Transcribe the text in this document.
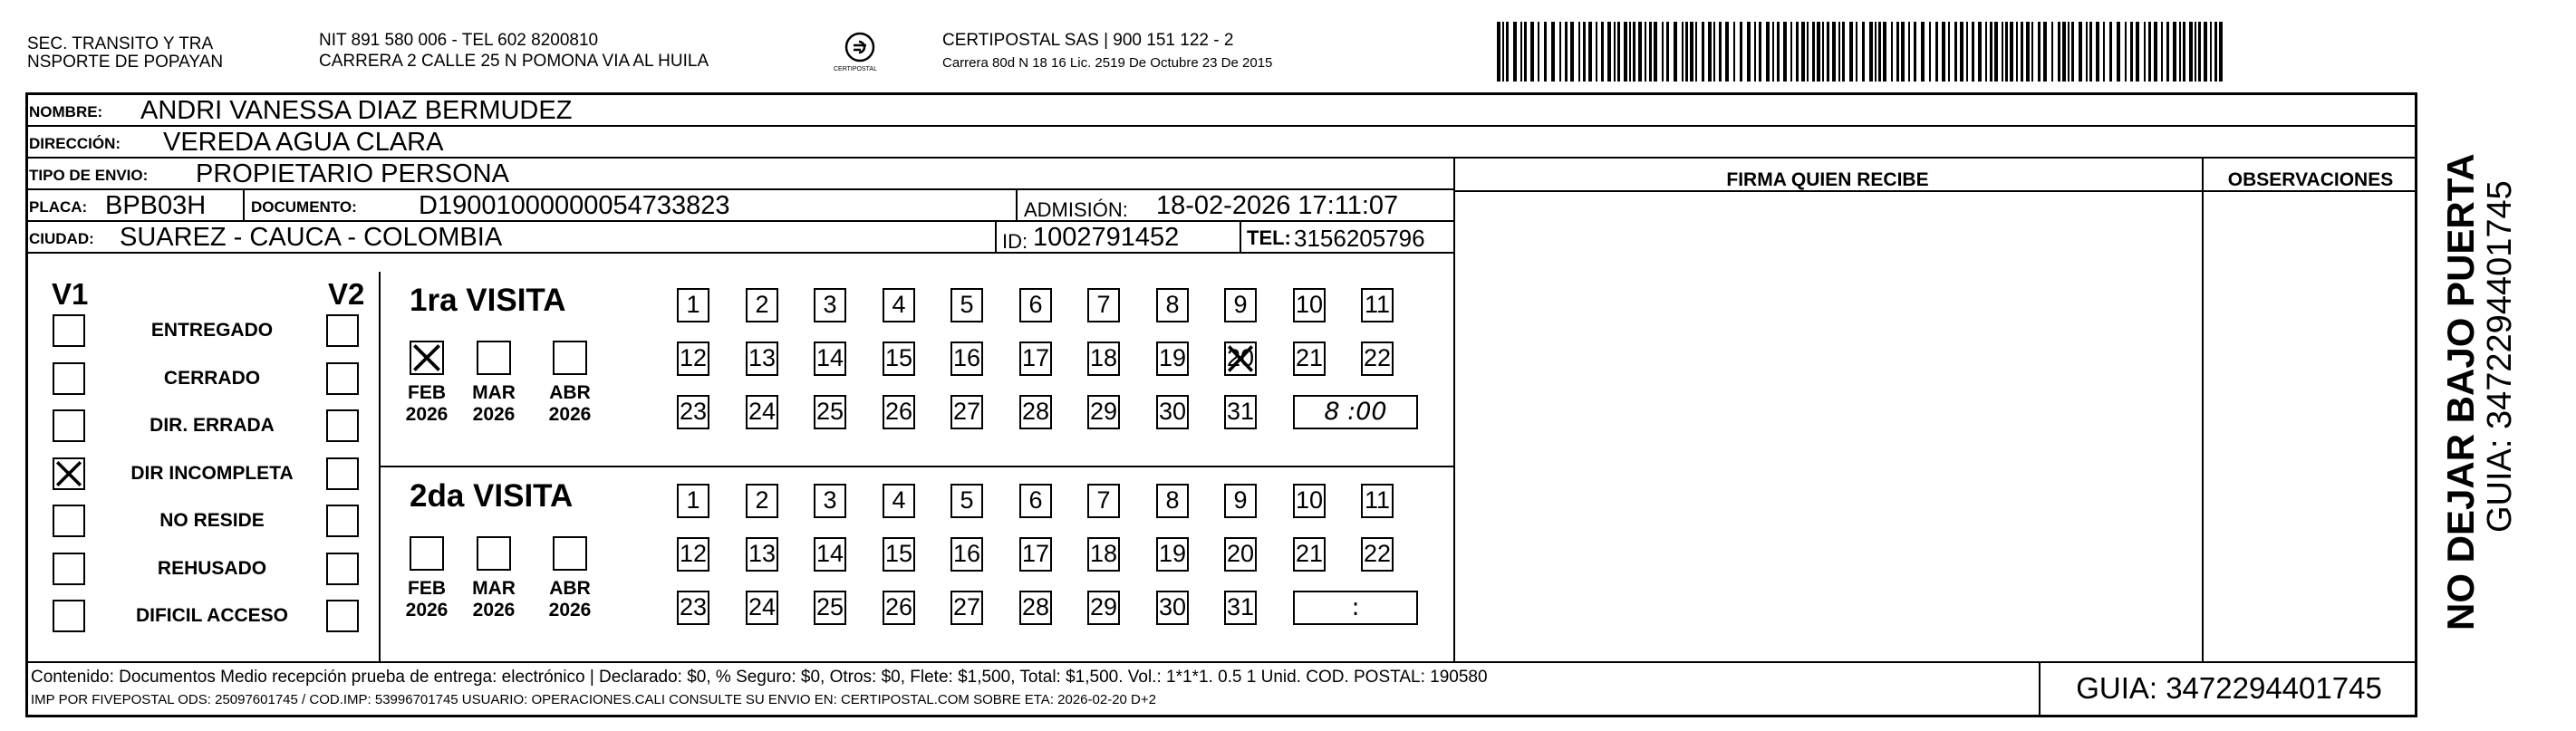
SEC. TRANSITO Y TRA
NSPORTE DE POPAYAN
NIT 891 580 006 - TEL 602 8200810
CARRERA 2 CALLE 25 N POMONA VIA AL HUILA	CERTIPOSTAL
CERTIPOSTAL SAS | 900 151 122 - 2
Carrera 80d N 18 16 Lic. 2519 De Octubre 23 De 2015
NOMBRE: ANDRI VANESSA DIAZ BERMUDEZ
DIRECCIÓN: VEREDA AGUA CLARA
FIRMA QUIEN RECIBE	OBSERVACIONES
TIPO DE ENVIO: PROPIETARIO PERSONA
PLACA: BPB03H	DOCUMENTO: D19001000000054733823	ADMISIÓN: 18-02-2026 17:11:07
CIUDAD: SUAREZ - CAUCA - COLOMBIA	ID: 1002791452	TEL: 3156205796
V1	V2
ENTREGADO
CERRADO
DIR. ERRADA
DIR INCOMPLETA
NO RESIDE
REHUSADO
DIFICIL ACCESO
1ra VISITA
2da VISITA
FEB
2026
MAR
2026
ABR
2026
1	2	3	4	5	6	7	8	9	10 11
12 13 14 15 16 17 18 19 20 21 22
23 24 25 26 27 28 29 30 31	8 :00
FEB
2026
MAR
2026
ABR
2026
1	2	3	4	5	6	7	8	9	10 11
12 13 14 15 16 17 18 19 20 21 22
23 24 25 26 27 28 29 30 31	:
Contenido: Documentos Medio recepción prueba de entrega: electrónico | Declarado: $0, % Seguro: $0, Otros: $0, Flete: $1,500, Total: $1,500. Vol.: 1*1*1. 0.5 1 Unid. COD. POSTAL: 190580
IMP POR FIVEPOSTAL ODS: 25097601745 / COD.IMP: 53996701745 USUARIO: OPERACIONES.CALI CONSULTE SU ENVIO EN: CERTIPOSTAL.COM SOBRE ETA: 2026-02-20 D+2	GUIA: 3472294401745
NO DEJAR BAJO PUERTA GUIA: 3472294401745
